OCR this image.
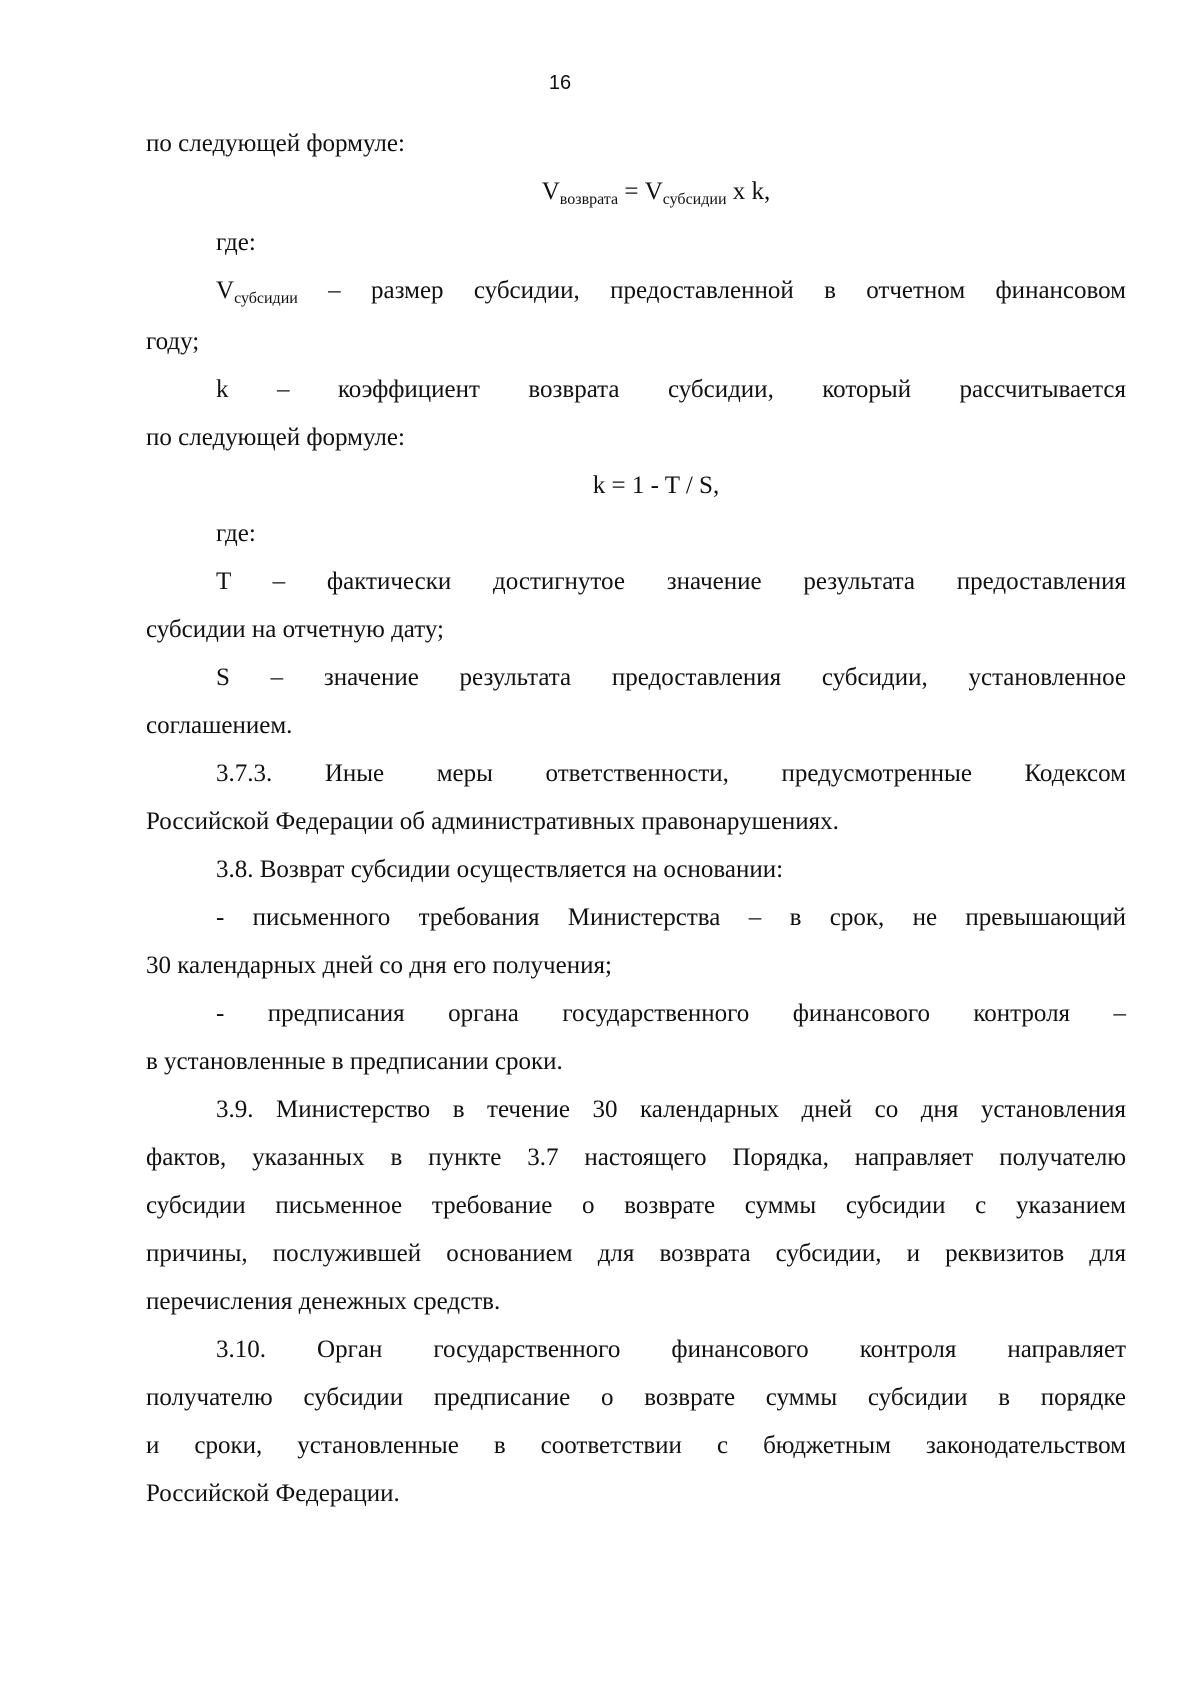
16

по следующей формуле:

$V_{возврата} = V_{субсидии}$ x k,

где:

$V_{субсидии}$ – размер субсидии, предоставленной в отчетном финансовом

году;

k – коэффициент возврата субсидии, который рассчитывается

по следующей формуле:

k = 1 - T / S,

где:

T – фактически достигнутое значение результата предоставления

субсидии на отчетную дату;

S – значение результата предоставления субсидии, установленное

соглашением.

3.7.3. Иные меры ответственности, предусмотренные Кодексом

Российской Федерации об административных правонарушениях.

3.8. Возврат субсидии осуществляется на основании:

- письменного требования Министерства – в срок, не превышающий

30 календарных дней со дня его получения;

- предписания органа государственного финансового контроля –

в установленные в предписании сроки.

3.9. Министерство в течение 30 календарных дней со дня установления

фактов, указанных в пункте 3.7 настоящего Порядка, направляет получателю

субсидии письменное требование о возврате суммы субсидии с указанием

причины, послужившей основанием для возврата субсидии, и реквизитов для

перечисления денежных средств.

3.10. Орган государственного финансового контроля направляет

получателю субсидии предписание о возврате суммы субсидии в порядке

и сроки, установленные в соответствии с бюджетным законодательством

Российской Федерации.
